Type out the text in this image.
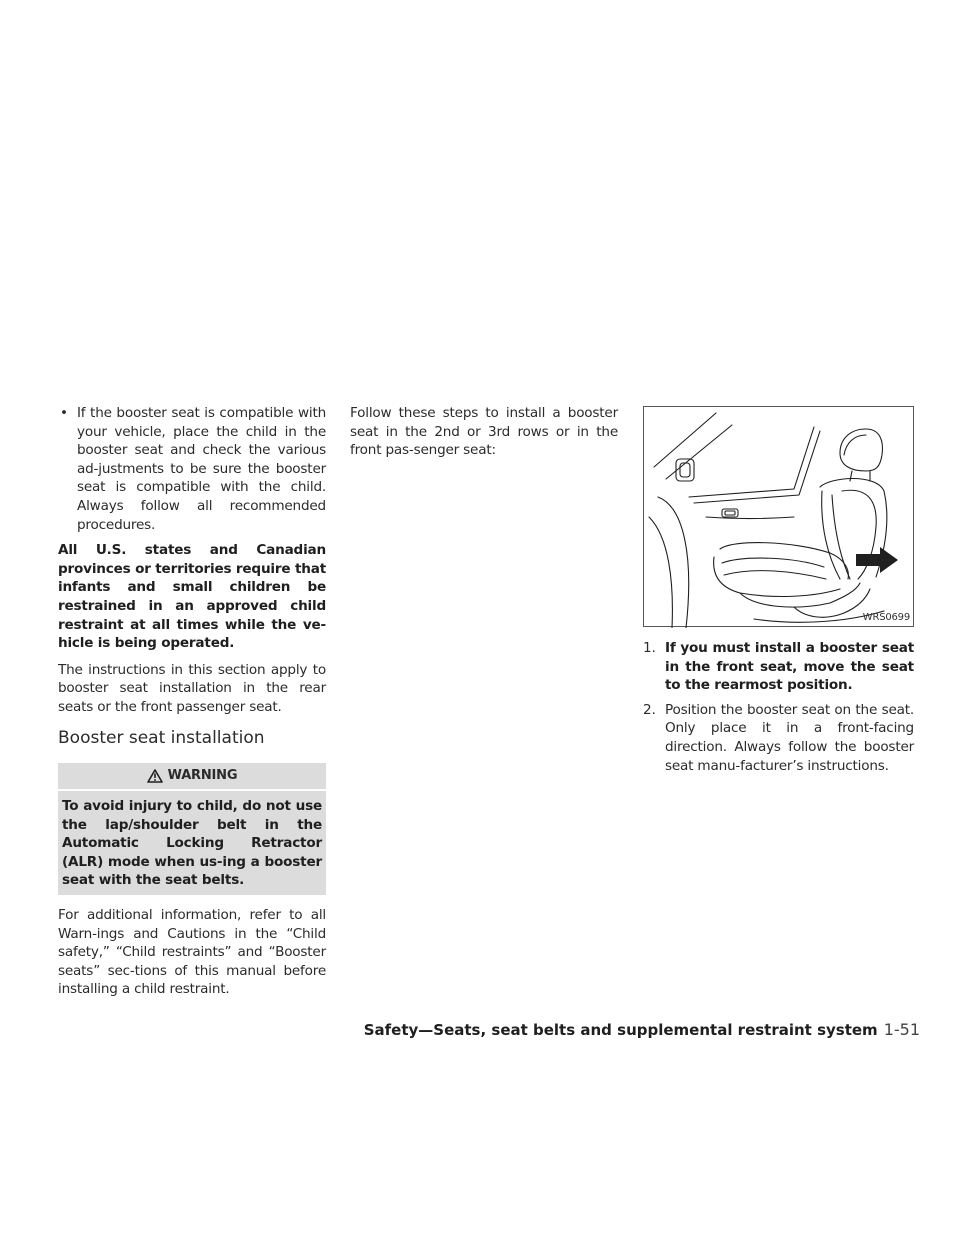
• If the booster seat is compatible with your vehicle, place the child in the booster seat and check the various ad-justments to be sure the booster seat is compatible with the child. Always follow all recommended procedures.

All U.S. states and Canadian provinces or territories require that infants and small children be restrained in an approved child restraint at all times while the ve-hicle is being operated.

The instructions in this section apply to booster seat installation in the rear seats or the front passenger seat.

Booster seat installation

WARNING
To avoid injury to child, do not use the lap/shoulder belt in the Automatic Locking Retractor (ALR) mode when us-ing a booster seat with the seat belts.

For additional information, refer to all Warn-ings and Cautions in the “Child safety,” “Child restraints” and “Booster seats” sec-tions of this manual before installing a child restraint.

Follow these steps to install a booster seat in the 2nd or 3rd rows or in the front pas-senger seat:

WRS0699
1. If you must install a booster seat in the front seat, move the seat to the rearmost position.
2. Position the booster seat on the seat. Only place it in a front-facing direction. Always follow the booster seat manu-facturer’s instructions.
Safety—Seats, seat belts and supplemental restraint system 1-51
